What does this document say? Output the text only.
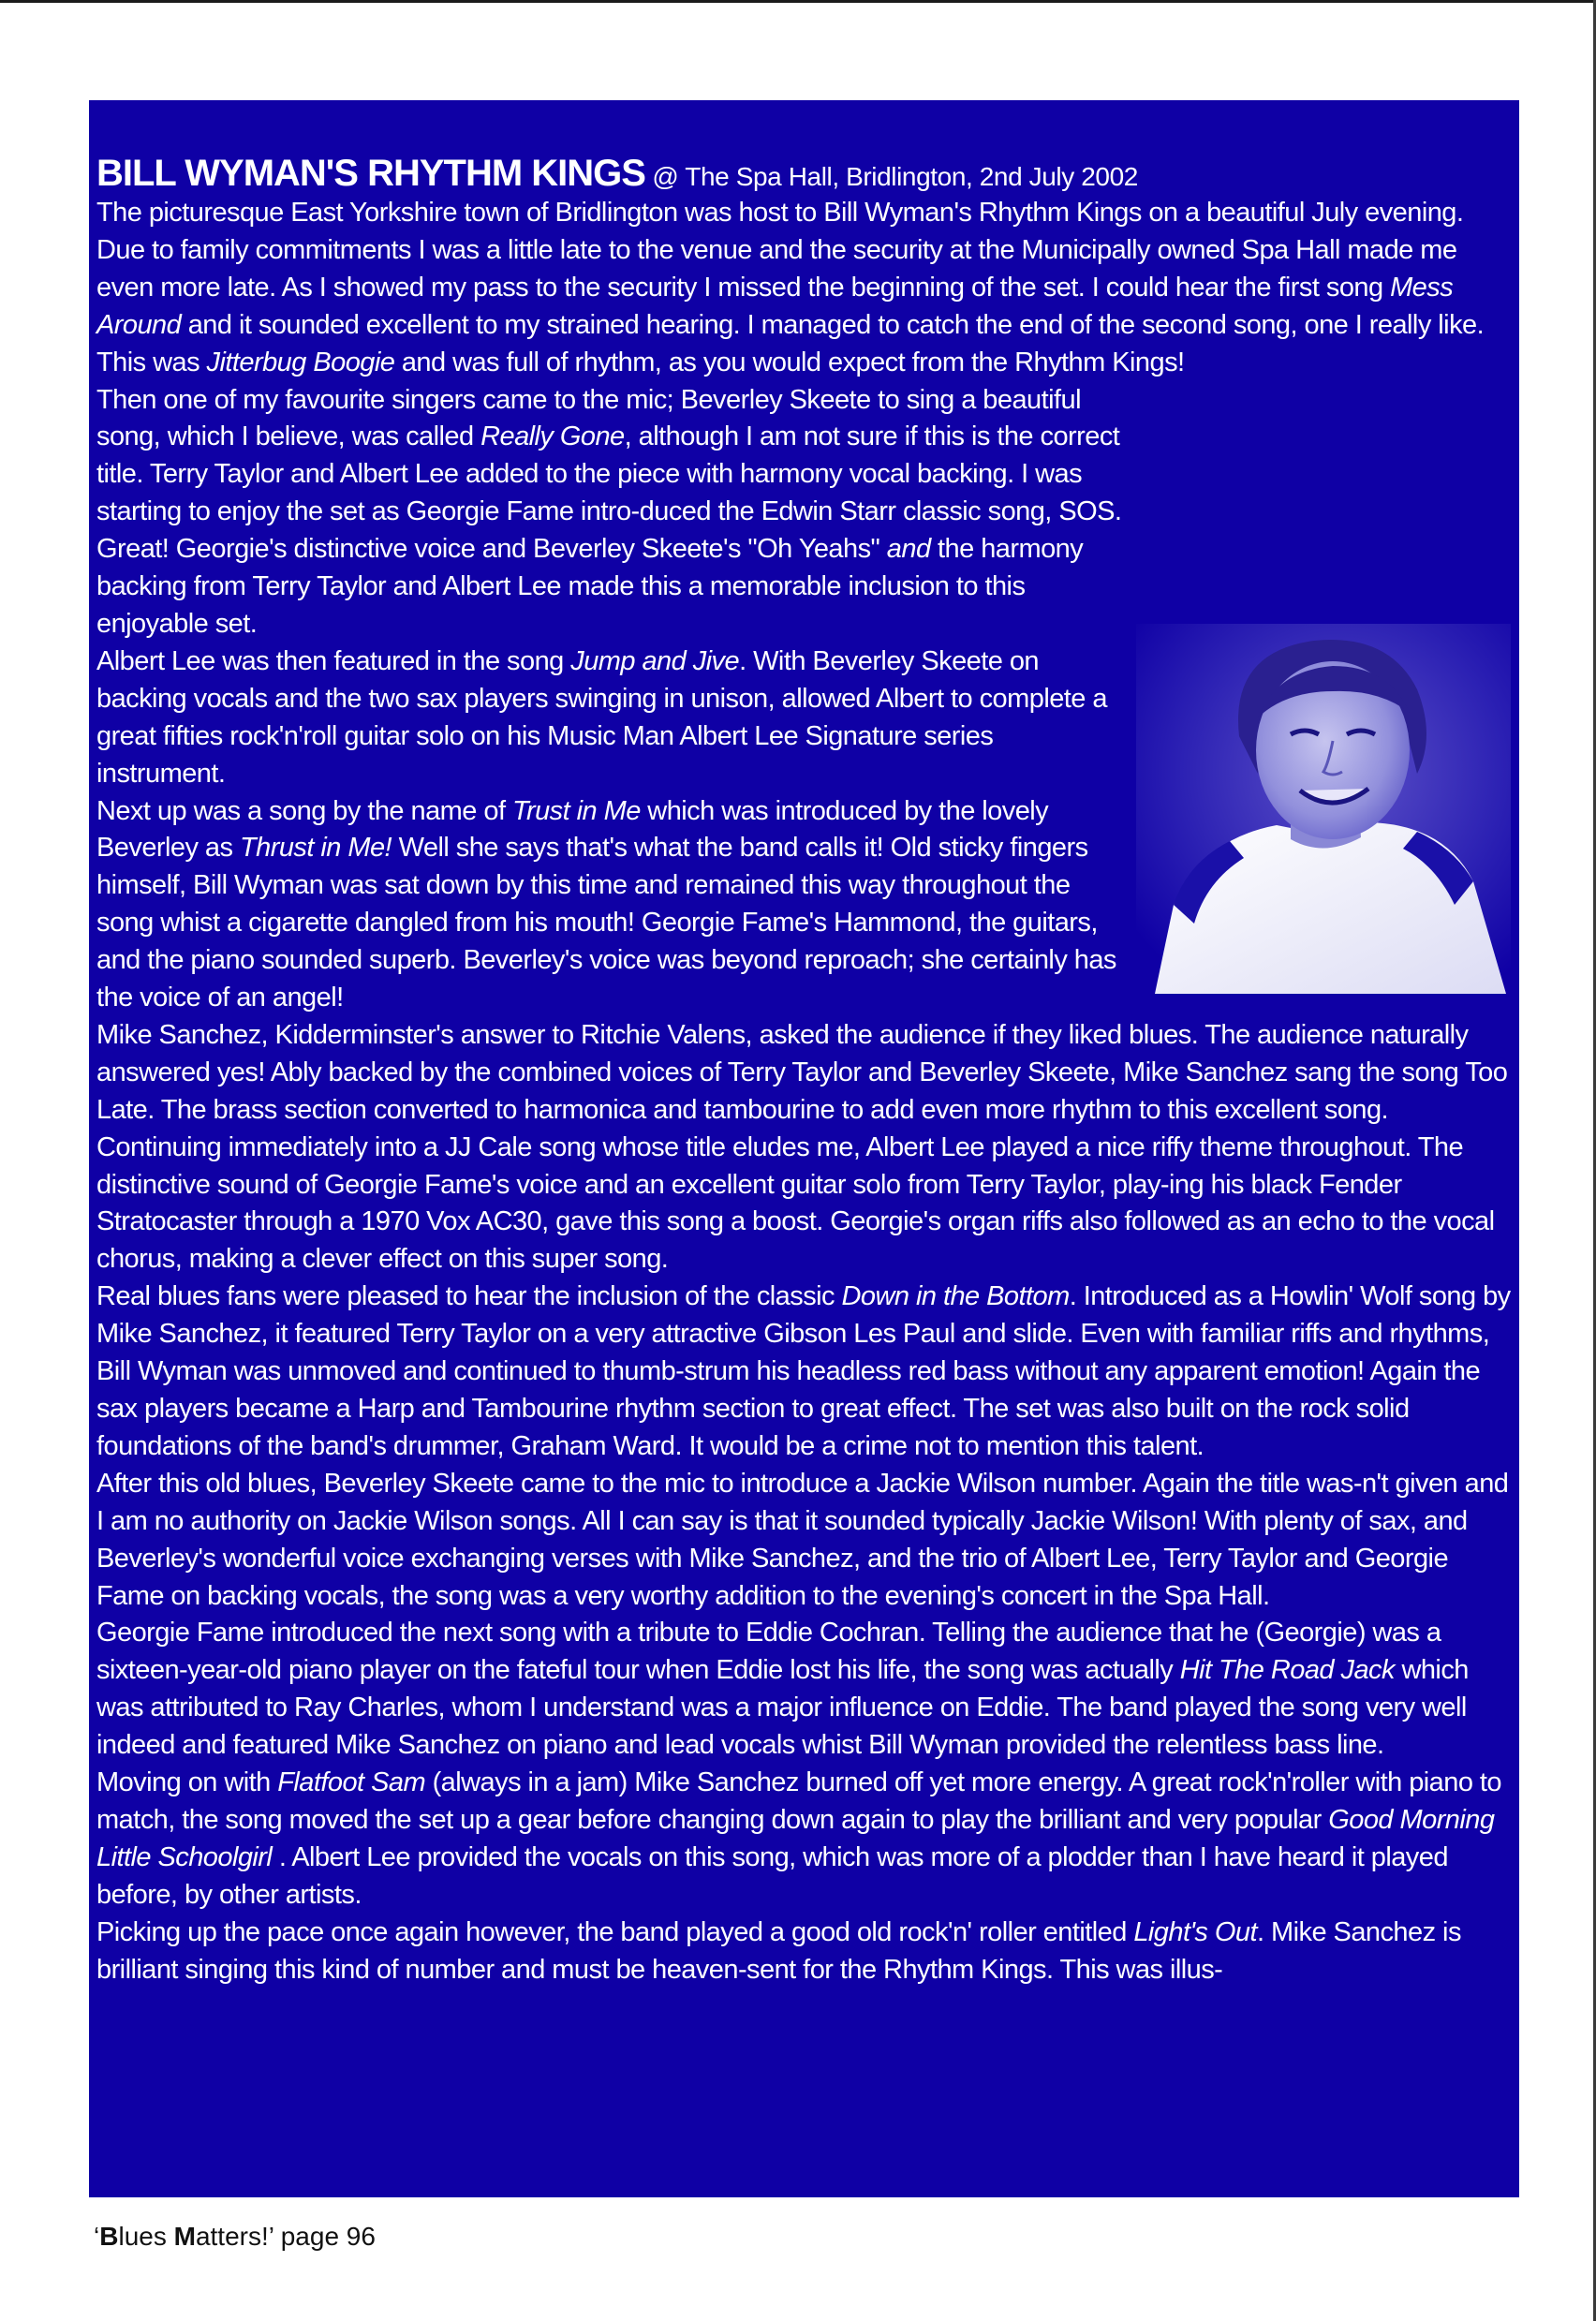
BILL WYMAN'S RHYTHM KINGS @ The Spa Hall, Bridlington, 2nd July 2002

The picturesque East Yorkshire town of Bridlington was host to Bill Wyman's Rhythm Kings on a beautiful July evening. Due to family commitments I was a little late to the venue and the security at the Municipally owned Spa Hall made me even more late. As I showed my pass to the security I missed the beginning of the set. I could hear the first song Mess Around and it sounded excellent to my strained hearing. I managed to catch the end of the second song, one I really like. This was Jitterbug Boogie and was full of rhythm, as you would expect from the Rhythm Kings!

Then one of my favourite singers came to the mic; Beverley Skeete to sing a beautiful song, which I believe, was called Really Gone, although I am not sure if this is the correct title. Terry Taylor and Albert Lee added to the piece with harmony vocal backing. I was starting to enjoy the set as Georgie Fame intro-duced the Edwin Starr classic song, SOS. Great! Georgie's distinctive voice and Beverley Skeete's "Oh Yeahs" and the harmony backing from Terry Taylor and Albert Lee made this a memorable inclusion to this enjoyable set.

Albert Lee was then featured in the song Jump and Jive. With Beverley Skeete on backing vocals and the two sax players swinging in unison, allowed Albert to complete a great fifties rock'n'roll guitar solo on his Music Man Albert Lee Signature series instrument.

Next up was a song by the name of Trust in Me which was introduced by the lovely Beverley as Thrust in Me! Well she says that's what the band calls it! Old sticky fingers himself, Bill Wyman was sat down by this time and remained this way throughout the song whist a cigarette dangled from his mouth! Georgie Fame's Hammond, the guitars, and the piano sounded superb. Beverley's voice was beyond reproach; she certainly has the voice of an angel!

Mike Sanchez, Kidderminster's answer to Ritchie Valens, asked the audience if they liked blues. The audience naturally answered yes! Ably backed by the combined voices of Terry Taylor and Beverley Skeete, Mike Sanchez sang the song Too Late. The brass section converted to harmonica and tambourine to add even more rhythm to this excellent song.

Continuing immediately into a JJ Cale song whose title eludes me, Albert Lee played a nice riffy theme throughout. The distinctive sound of Georgie Fame's voice and an excellent guitar solo from Terry Taylor, play-ing his black Fender Stratocaster through a 1970 Vox AC30, gave this song a boost. Georgie's organ riffs also followed as an echo to the vocal chorus, making a clever effect on this super song.

Real blues fans were pleased to hear the inclusion of the classic Down in the Bottom. Introduced as a Howlin' Wolf song by Mike Sanchez, it featured Terry Taylor on a very attractive Gibson Les Paul and slide. Even with familiar riffs and rhythms, Bill Wyman was unmoved and continued to thumb-strum his headless red bass without any apparent emotion! Again the sax players became a Harp and Tambourine rhythm section to great effect. The set was also built on the rock solid foundations of the band's drummer, Graham Ward. It would be a crime not to mention this talent.

After this old blues, Beverley Skeete came to the mic to introduce a Jackie Wilson number. Again the title was-n't given and I am no authority on Jackie Wilson songs. All I can say is that it sounded typically Jackie Wilson! With plenty of sax, and Beverley's wonderful voice exchanging verses with Mike Sanchez, and the trio of Albert Lee, Terry Taylor and Georgie Fame on backing vocals, the song was a very worthy addition to the evening's concert in the Spa Hall.

Georgie Fame introduced the next song with a tribute to Eddie Cochran. Telling the audience that he (Georgie) was a sixteen-year-old piano player on the fateful tour when Eddie lost his life, the song was actually Hit The Road Jack which was attributed to Ray Charles, whom I understand was a major influence on Eddie. The band played the song very well indeed and featured Mike Sanchez on piano and lead vocals whist Bill Wyman provided the relentless bass line.

Moving on with Flatfoot Sam (always in a jam) Mike Sanchez burned off yet more energy. A great rock'n'roller with piano to match, the song moved the set up a gear before changing down again to play the brilliant and very popular Good Morning Little Schoolgirl . Albert Lee provided the vocals on this song, which was more of a plodder than I have heard it played before, by other artists.

Picking up the pace once again however, the band played a good old rock'n' roller entitled Light's Out. Mike Sanchez is brilliant singing this kind of number and must be heaven-sent for the Rhythm Kings. This was illus-

‘Blues Matters!’ page 96
